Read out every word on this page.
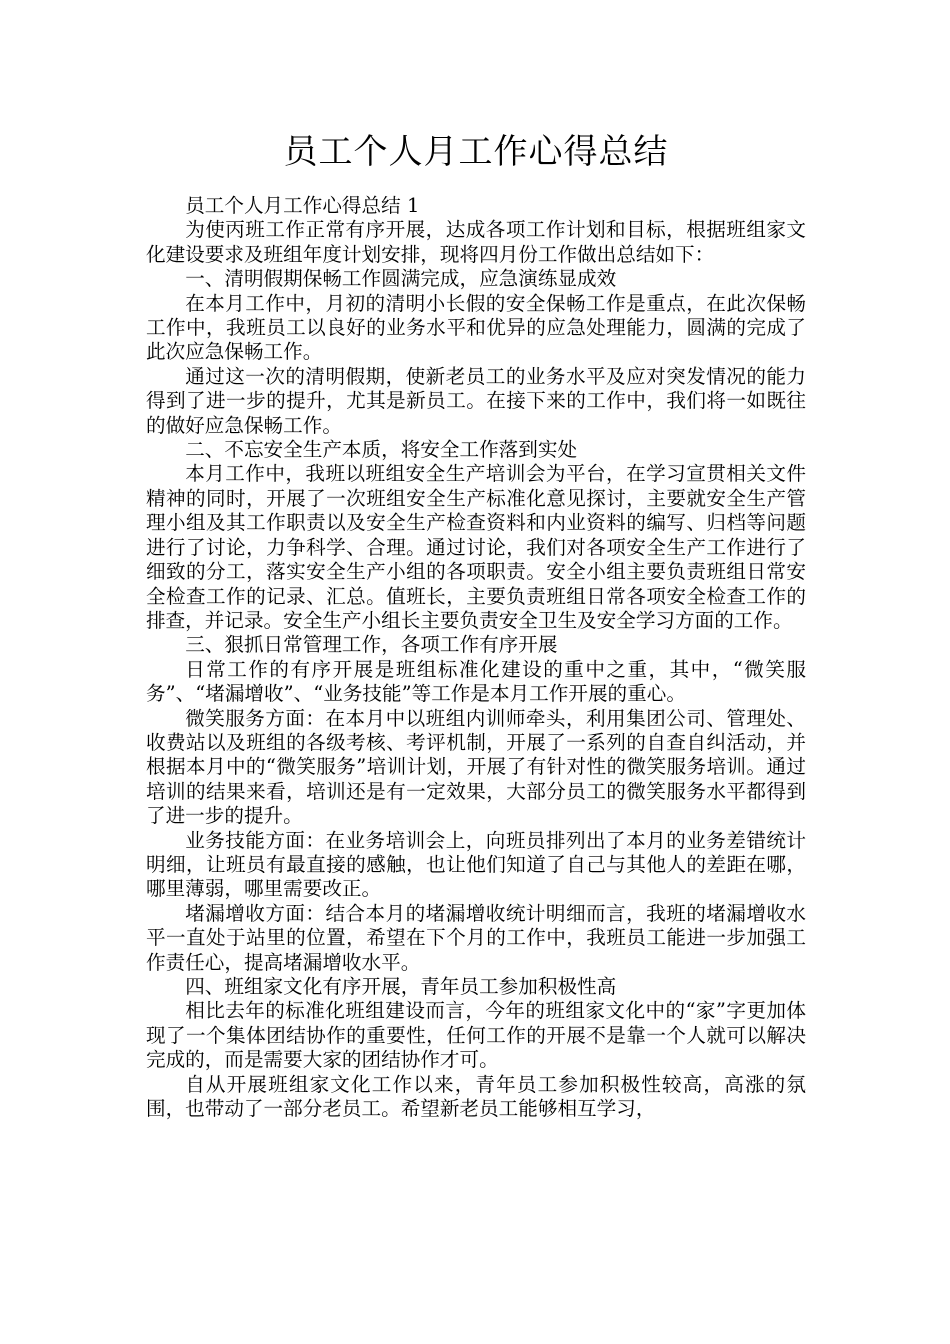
员工个人月工作心得总结

员工个人月工作心得总结 1

为使丙班工作正常有序开展，达成各项工作计划和目标，根据班组家文化建设要求及班组年度计划安排，现将四月份工作做出总结如下：

一、清明假期保畅工作圆满完成，应急演练显成效

在本月工作中，月初的清明小长假的安全保畅工作是重点，在此次保畅工作中，我班员工以良好的业务水平和优异的应急处理能力，圆满的完成了此次应急保畅工作。

通过这一次的清明假期，使新老员工的业务水平及应对突发情况的能力得到了进一步的提升，尤其是新员工。在接下来的工作中，我们将一如既往的做好应急保畅工作。

二、不忘安全生产本质，将安全工作落到实处

本月工作中，我班以班组安全生产培训会为平台，在学习宣贯相关文件精神的同时，开展了一次班组安全生产标准化意见探讨，主要就安全生产管理小组及其工作职责以及安全生产检查资料和内业资料的编写、归档等问题进行了讨论，力争科学、合理。通过讨论，我们对各项安全生产工作进行了细致的分工，落实安全生产小组的各项职责。安全小组主要负责班组日常安全检查工作的记录、汇总。值班长，主要负责班组日常各项安全检查工作的排查，并记录。安全生产小组长主要负责安全卫生及安全学习方面的工作。

三、狠抓日常管理工作，各项工作有序开展

日常工作的有序开展是班组标准化建设的重中之重，其中，“微笑服务”、“堵漏增收”、“业务技能”等工作是本月工作开展的重心。

微笑服务方面：在本月中以班组内训师牵头，利用集团公司、管理处、收费站以及班组的各级考核、考评机制，开展了一系列的自查自纠活动，并根据本月中的“微笑服务”培训计划，开展了有针对性的微笑服务培训。通过培训的结果来看，培训还是有一定效果，大部分员工的微笑服务水平都得到了进一步的提升。

业务技能方面：在业务培训会上，向班员排列出了本月的业务差错统计明细，让班员有最直接的感触，也让他们知道了自己与其他人的差距在哪，哪里薄弱，哪里需要改正。

堵漏增收方面：结合本月的堵漏增收统计明细而言，我班的堵漏增收水平一直处于站里的位置，希望在下个月的工作中，我班员工能进一步加强工作责任心，提高堵漏增收水平。

四、班组家文化有序开展，青年员工参加积极性高

相比去年的标准化班组建设而言，今年的班组家文化中的“家”字更加体现了一个集体团结协作的重要性，任何工作的开展不是靠一个人就可以解决完成的，而是需要大家的团结协作才可。

自从开展班组家文化工作以来，青年员工参加积极性较高，高涨的氛围，也带动了一部分老员工。希望新老员工能够相互学习，
